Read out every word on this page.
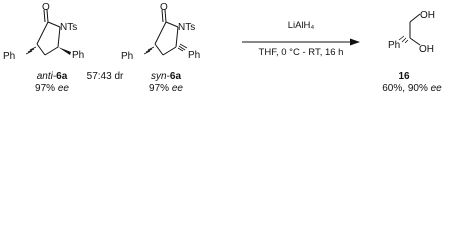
O
NTs
Ph	Ph
O
NTs
Ph	Ph
anti-6a
97% ee
57:43 dr	syn-6a
97% ee
LiAlH₄
THF, 0 °C - RT, 16 h
OH
OH
Ph
16
60%, 90% ee
